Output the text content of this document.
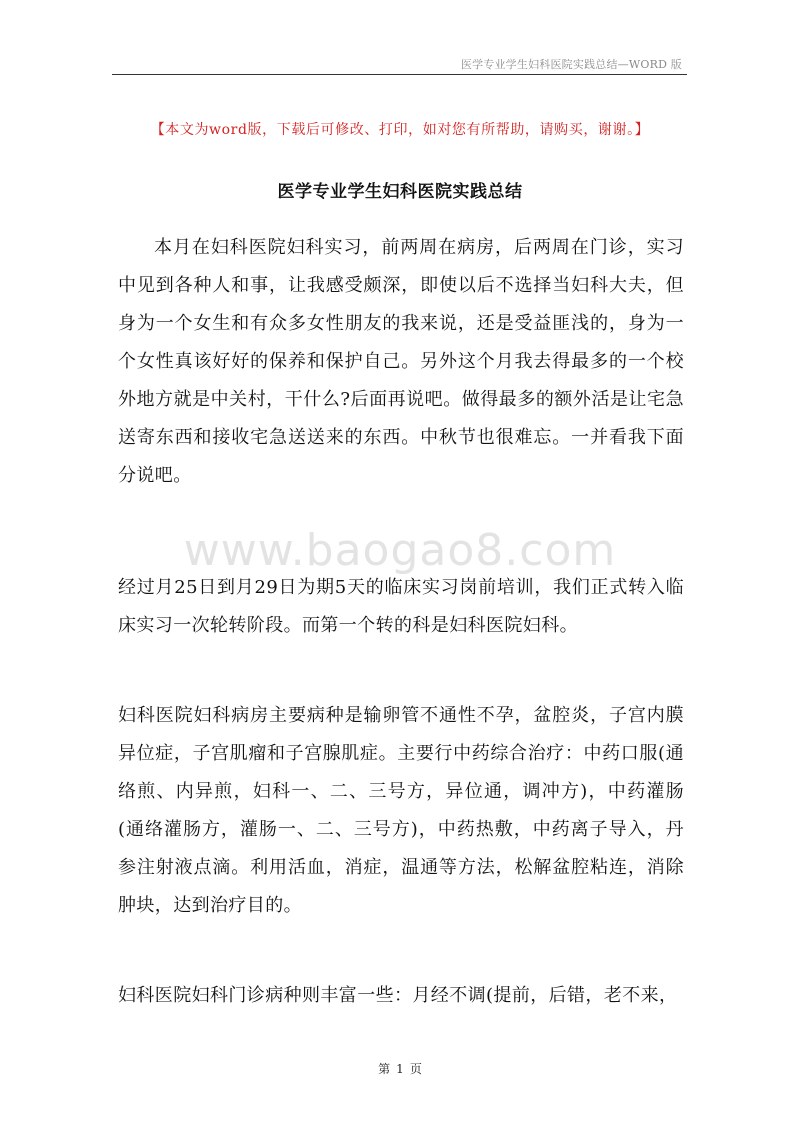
医学专业学生妇科医院实践总结—WORD 版
【本文为word版，下载后可修改、打印，如对您有所帮助，请购买，谢谢。】
医学专业学生妇科医院实践总结
www.baogao8.com

本月在妇科医院妇科实习，前两周在病房，后两周在门诊，实习中见到各种人和事，让我感受颇深，即使以后不选择当妇科大夫，但身为一个女生和有众多女性朋友的我来说，还是受益匪浅的，身为一个女性真该好好的保养和保护自己。另外这个月我去得最多的一个校外地方就是中关村，干什么?后面再说吧。做得最多的额外活是让宅急送寄东西和接收宅急送送来的东西。中秋节也很难忘。一并看我下面分说吧。

经过月25日到月29日为期5天的临床实习岗前培训，我们正式转入临床实习一次轮转阶段。而第一个转的科是妇科医院妇科。

妇科医院妇科病房主要病种是输卵管不通性不孕，盆腔炎，子宫内膜异位症，子宫肌瘤和子宫腺肌症。主要行中药综合治疗：中药口服(通络煎、内异煎，妇科一、二、三号方，异位通，调冲方)，中药灌肠(通络灌肠方，灌肠一、二、三号方)，中药热敷，中药离子导入，丹参注射液点滴。利用活血，消症，温通等方法，松解盆腔粘连，消除肿块，达到治疗目的。

妇科医院妇科门诊病种则丰富一些：月经不调(提前，后错，老不来，

第 1 页
